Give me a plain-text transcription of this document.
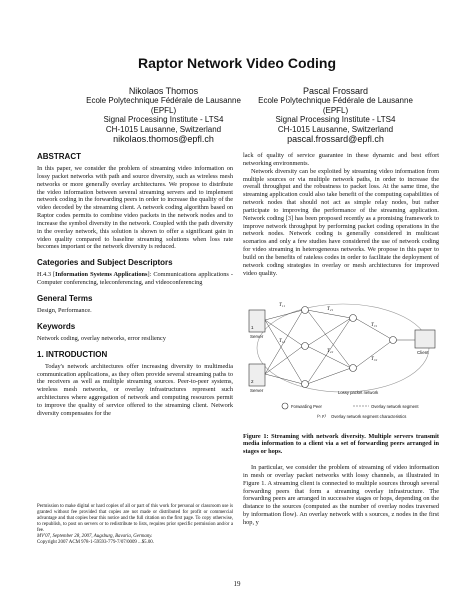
Raptor Network Video Coding
Nikolaos Thomos
Ecole Polytechnique Fédérale de Lausanne
(EPFL)
Signal Processing Institute - LTS4
CH-1015 Lausanne, Switzerland
nikolaos.thomos@epfl.ch
Pascal Frossard
Ecole Polytechnique Fédérale de Lausanne
(EPFL)
Signal Processing Institute - LTS4
CH-1015 Lausanne, Switzerland
pascal.frossard@epfl.ch
ABSTRACT

In this paper, we consider the problem of streaming video information on lossy packet networks with path and source diversity, such as wireless mesh networks or more generally overlay architectures. We propose to distribute the video information between several streaming servers and to implement network coding in the forwarding peers in order to increase the quality of the video decoded by the streaming client. A network coding algorithm based on Raptor codes permits to combine video packets in the network nodes and to increase the symbol diversity in the network. Coupled with the path diversity in the overlay network, this solution is shown to offer a significant gain in video quality compared to baseline streaming solutions when loss rate becomes important or the network diversity is reduced.

Categories and Subject Descriptors

H.4.3 [Information Systems Applications]: Communications applications - Computer conferencing, teleconferencing, and videoconferencing

General Terms

Design, Performance.

Keywords

Network coding, overlay networks, error resiliency

1. INTRODUCTION

Today's network architectures offer increasing diversity to multimedia communication applications, as they often provide several streaming paths to the receivers as well as multiple streaming sources. Peer-to-peer systems, wireless mesh networks, or overlay infrastructures represent such architectures where aggregation of network and computing resources permit to improve the quality of service offered to the streaming client. Network diversity compensates for the

Permission to make digital or hard copies of all or part of this work for personal or classroom use is granted without fee provided that copies are not made or distributed for profit or commercial advantage and that copies bear this notice and the full citation on the first page. To copy otherwise, to republish, to post on servers or to redistribute to lists, requires prior specific permission and/or a fee.

MV'07, September 28, 2007, Augsburg, Bavaria, Germany.

Copyright 2007 ACM 978-1-59593-779-7/07/0009 ...$5.00.

lack of quality of service guarantee in these dynamic and best effort networking environments.

Network diversity can be exploited by streaming video information from multiple sources or via multiple network paths, in order to increase the overall throughput and the robustness to packet loss. At the same time, the streaming application could also take benefit of the computing capabilities of network nodes that should not act as simple relay nodes, but rather participate to improving the performance of the streaming application. Network coding [3] has been proposed recently as a promising framework to improve network throughput by performing packet coding operations in the network nodes. Network coding is generally considered in multicast scenarios and only a few studies have considered the use of network coding for video streaming in heterogeneous networks. We propose in this paper to build on the benefits of rateless codes in order to facilitate the deployment of network coding strategies in overlay or mesh architectures for improved video quality.

1
Server
2
Server
Client
Lossy packet network
T₁₁
T₁₂
T₂₁
T₂₂
T₃₁
T₃₂
Forwarding Peer	Overlay network segment
(r, p) Overlay network segment characteristics
Figure 1: Streaming with network diversity. Multiple servers transmit media information to a client via a set of forwarding peers arranged in stages or hops.

In particular, we consider the problem of streaming of video information in mesh or overlay packet networks with lossy channels, as illustrated in Figure 1. A streaming client is connected to multiple sources through several forwarding peers that form a streaming overlay infrastructure. The forwarding peers are arranged in successive stages or hops, depending on the distance to the sources (computed as the number of overlay nodes traversed by information flow). An overlay network with s sources, z nodes in the first hop, y

19
